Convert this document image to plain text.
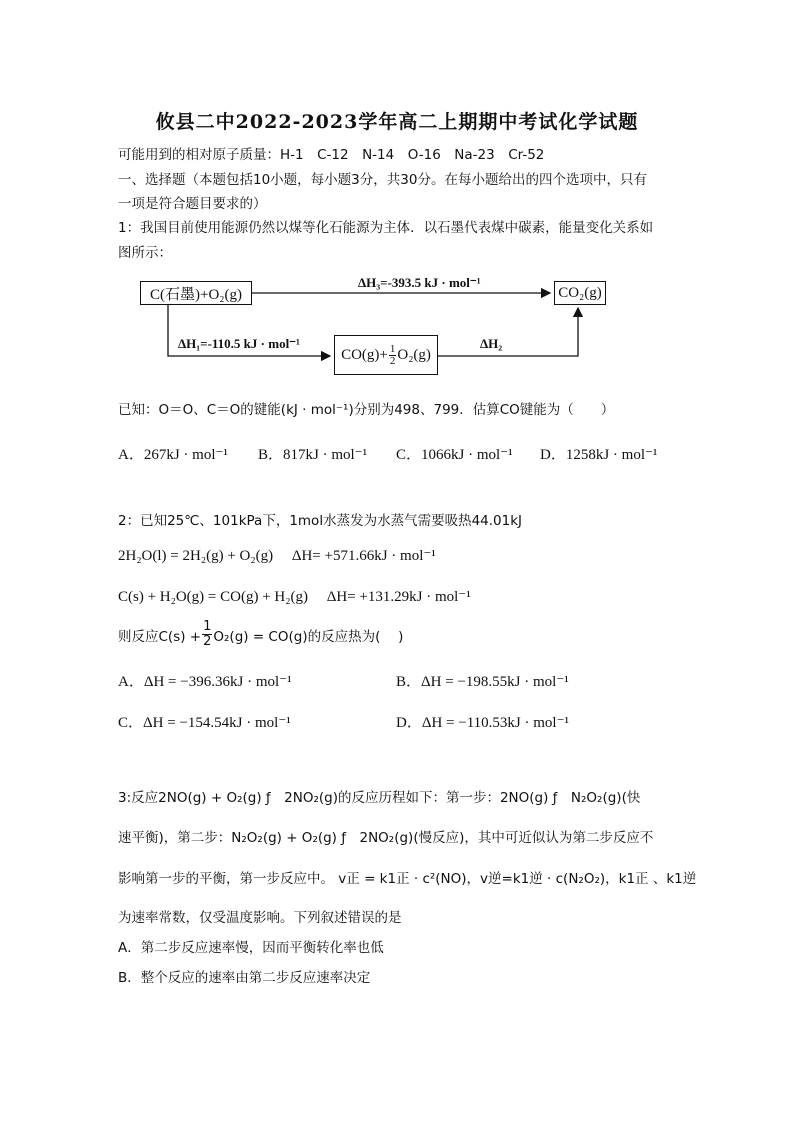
攸县二中2022-2023学年高二上期期中考试化学试题
可能用到的相对原子质量：H-1　C-12　N-14　O-16　Na-23　Cr-52
一、选择题（本题包括10小题，每小题3分，共30分。在每小题给出的四个选项中，只有
一项是符合题目要求的）
1：我国目前使用能源仍然以煤等化石能源为主体．以石墨代表煤中碳素，能量变化关系如
图所示：
C(石墨)+O₂(g)	CO₂(g)
$CO(g)+ \frac{1}{2} O_2(g)$
ΔH₃=-393.5 kJ · mol⁻¹
ΔH₁=-110.5 kJ · mol⁻¹	ΔH₂
已知：O＝O、C＝O的键能(kJ · mol⁻¹)分别为498、799．估算CO键能为（　　）
A．267kJ · mol⁻¹ B．817kJ · mol⁻¹ C．1066kJ · mol⁻¹ D．1258kJ · mol⁻¹
2：已知25℃、101kPa下，1mol水蒸发为水蒸气需要吸热44.01kJ
2H₂O(l) = 2H₂(g) + O₂(g)　 ΔH= +571.66kJ · mol⁻¹
C(s) + H₂O(g) = CO(g) + H₂(g)　 ΔH= +131.29kJ · mol⁻¹
则反应$C(s) + \frac{1}{2} O_2(g) = CO(g)$的反应热为(　 )
A．ΔH = −396.36kJ · mol⁻¹	B．ΔH = −198.55kJ · mol⁻¹
C．ΔH = −154.54kJ · mol⁻¹	D．ΔH = −110.53kJ · mol⁻¹
3:反应2NO(g) + O₂(g) ƒ　2NO₂(g)的反应历程如下：第一步：2NO(g) ƒ　N₂O₂(g)(快
速平衡)，第二步：N₂O₂(g) + O₂(g) ƒ　2NO₂(g)(慢反应)，其中可近似认为第二步反应不
影响第一步的平衡，第一步反应中。 v正 = k1正 · c²(NO)，v逆=k1逆 · c(N₂O₂)，k1正 、k1逆
为速率常数，仅受温度影响。下列叙述错误的是
A．第二步反应速率慢，因而平衡转化率也低
B．整个反应的速率由第二步反应速率决定
